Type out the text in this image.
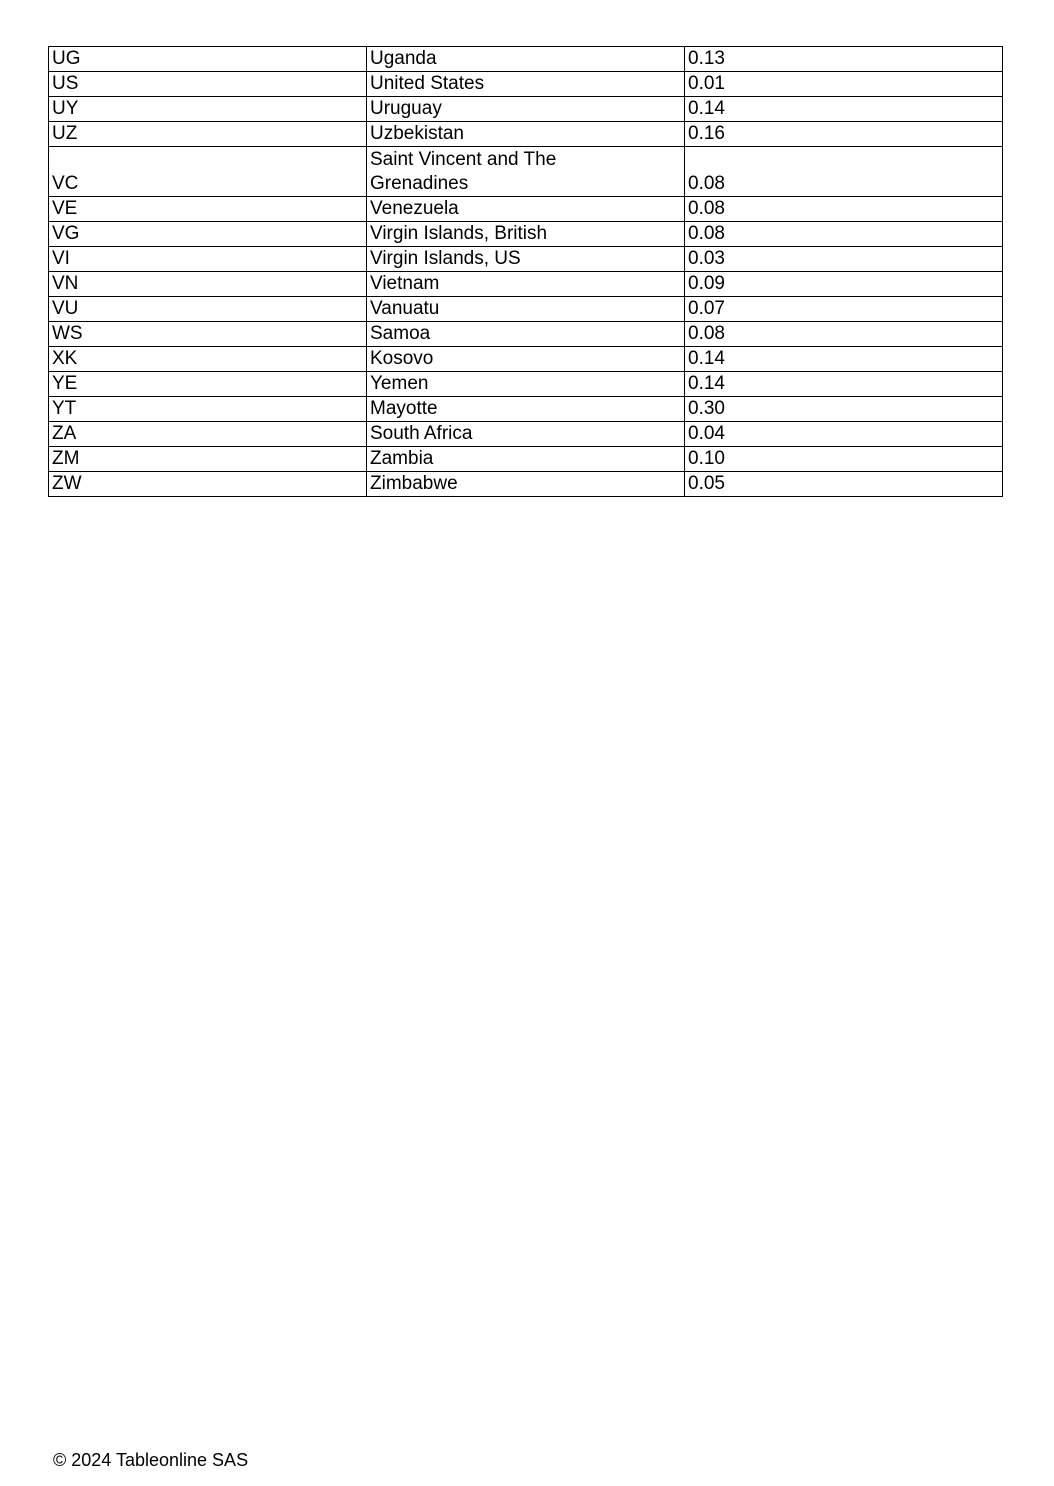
UG	Uganda	0.13
US	United States	0.01
UY	Uruguay	0.14
UZ	Uzbekistan	0.16
VC	Saint Vincent and The Grenadines	0.08
VE	Venezuela	0.08
VG	Virgin Islands, British	0.08
VI	Virgin Islands, US	0.03
VN	Vietnam	0.09
VU	Vanuatu	0.07
WS	Samoa	0.08
XK	Kosovo	0.14
YE	Yemen	0.14
YT	Mayotte	0.30
ZA	South Africa	0.04
ZM	Zambia	0.10
ZW	Zimbabwe	0.05
© 2024 Tableonline SAS
